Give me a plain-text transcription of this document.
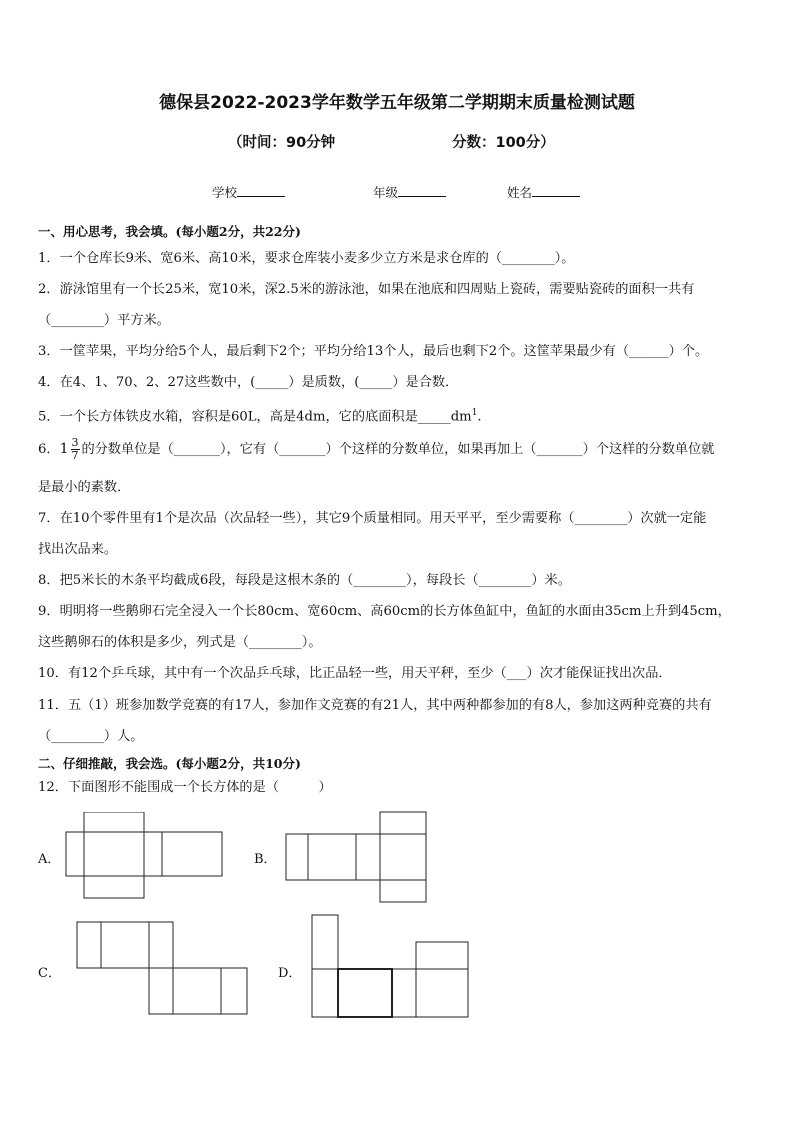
德保县2022-2023学年数学五年级第二学期期末质量检测试题
（时间：90分钟	分数：100分）
学校	年级	姓名
一、用心思考，我会填。(每小题2分，共22分)
1．一个仓库长9米、宽6米、高10米，要求仓库装小麦多少立方米是求仓库的（________）。
2．游泳馆里有一个长25米，宽10米，深2.5米的游泳池，如果在池底和四周贴上瓷砖，需要贴瓷砖的面积一共有
（________）平方米。
3．一筐苹果，平均分给5个人，最后剩下2个；平均分给13个人，最后也剩下2个。这筐苹果最少有（______）个。
4．在4、1、70、2、27这些数中，(_____）是质数，(_____）是合数．
5．一个长方体铁皮水箱，容积是60L，高是4dm，它的底面积是$\_\_\_\_\_dm^1$.
6．$1 \frac{3}{7}$ 的分数单位是（_______），它有（_______）个这样的分数单位，如果再加上（_______）个这样的分数单位就
是最小的素数．
7．在10个零件里有1个是次品（次品轻一些），其它9个质量相同。用天平平，至少需要称（________）次就一定能
找出次品来。
8．把5米长的木条平均截成6段，每段是这根木条的（________），每段长（________）米。
9．明明将一些鹅卵石完全浸入一个长80cm、宽60cm、高60cm的长方体鱼缸中，鱼缸的水面由35cm上升到45cm，
这些鹅卵石的体积是多少，列式是（________）。
10．有12个乒乓球，其中有一个次品乒乓球，比正品轻一些，用天平秤，至少（___）次才能保证找出次品．
11．五（1）班参加数学竞赛的有17人，参加作文竞赛的有21人，其中两种都参加的有8人，参加这两种竞赛的共有
（________）人。
二、仔细推敲，我会选。(每小题2分，共10分)
12．下面图形不能围成一个长方体的是（　　　）
A．	B．
C．	D．
